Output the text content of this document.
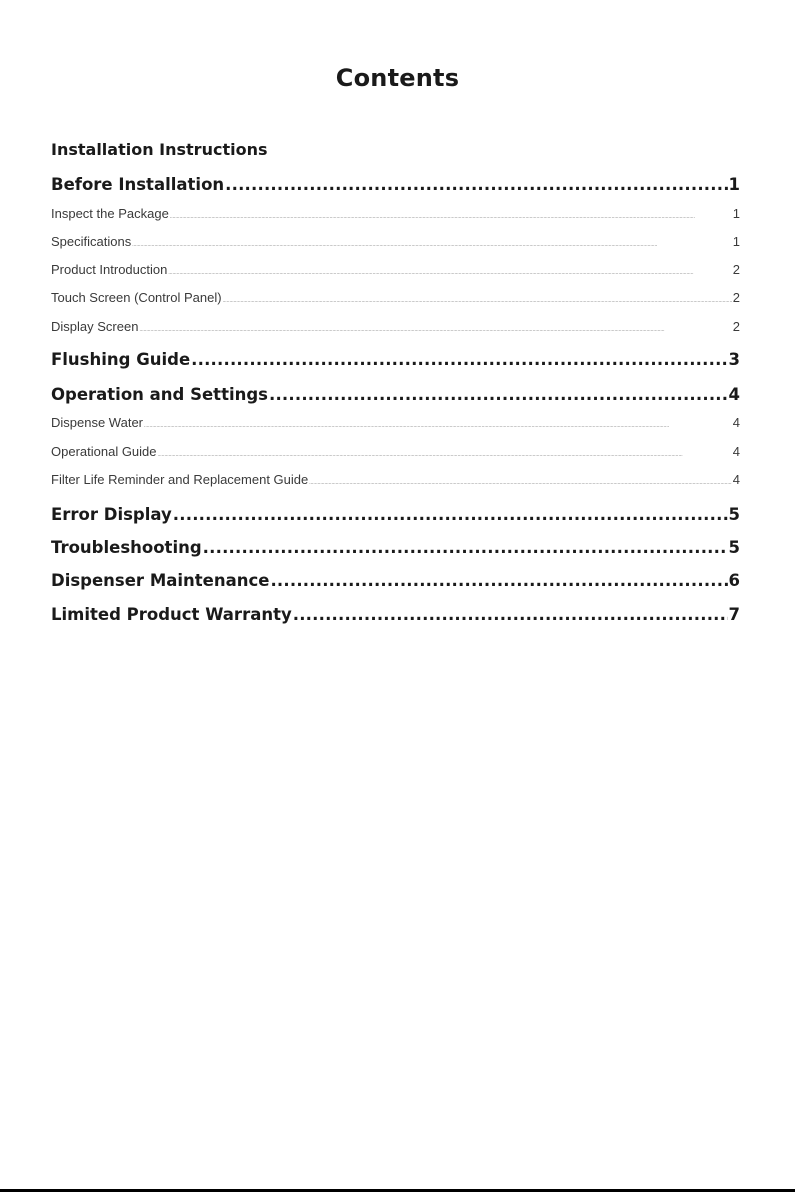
Contents
Installation Instructions
Before Installation .....	1
Inspect the Package .....	1
Specifications .....	1
Product Introduction .....	2
Touch Screen (Control Panel) .....	2
Display Screen .....	2
Flushing Guide .....	3
Operation and Settings .....	4
Dispense Water .....	4
Operational Guide .....	4
Filter Life Reminder and Replacement Guide .....	4
Error Display .....	5
Troubleshooting .....	5
Dispenser Maintenance .....	6
Limited Product Warranty .....	7
